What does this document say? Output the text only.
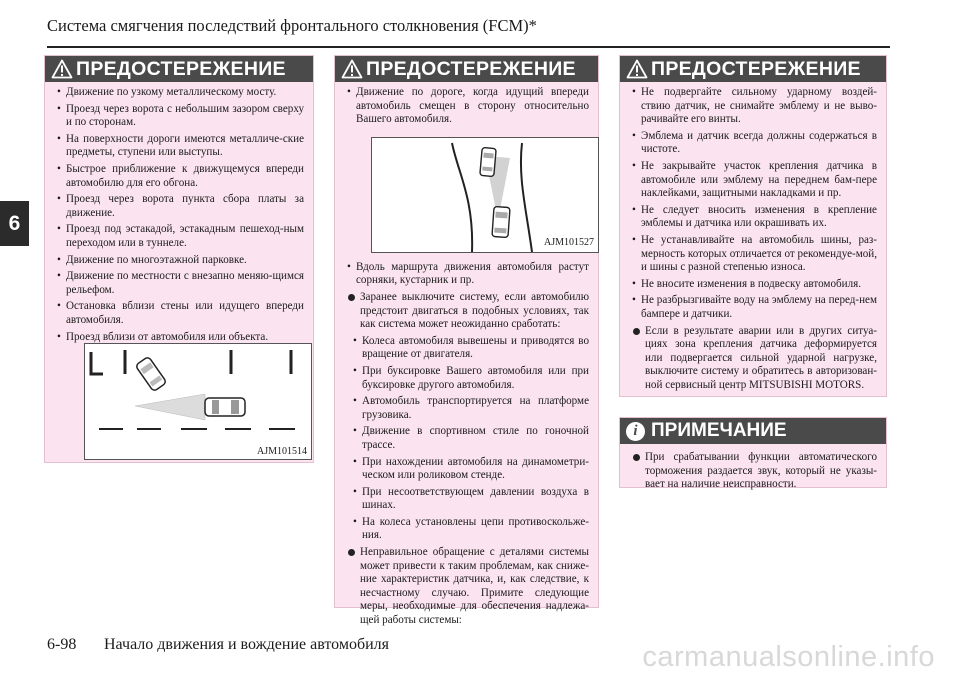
Система смягчения последствий фронтального столкновения (FCM)*
6
ПРЕДОСТЕРЕЖЕНИЕ
• Движение по узкому металлическому мосту.
• Проезд через ворота с небольшим зазором сверху и по сторонам.
• На поверхности дороги имеются металличе-ские предметы, ступени или выступы.
• Быстрое приближение к движущемуся впереди автомобилю для его обгона.
• Проезд через ворота пункта сбора платы за движение.
• Проезд под эстакадой, эстакадным пешеход-ным переходом или в туннеле.
• Движение по многоэтажной парковке.
• Движение по местности с внезапно меняю-щимся рельефом.
• Остановка вблизи стены или идущего впереди автомобиля.
• Проезд вблизи от автомобиля или объекта.
AJM101514
ПРЕДОСТЕРЕЖЕНИЕ
• Движение по дороге, когда идущий впереди автомобиль смещен в сторону относительно Вашего автомобиля.
AJM101527
• Вдоль маршрута движения автомобиля растут сорняки, кустарник и пр.
Заранее выключите систему, если автомобилю предстоит двигаться в подобных условиях, так как система может неожиданно сработать:
• Колеса автомобиля вывешены и приводятся во вращение от двигателя.
• При буксировке Вашего автомобиля или при буксировке другого автомобиля.
• Автомобиль транспортируется на платформе грузовика.
• Движение в спортивном стиле по гоночной трассе.
• При нахождении автомобиля на динамометри-ческом или роликовом стенде.
• При несоответствующем давлении воздуха в шинах.
• На колеса установлены цепи противоскольже-ния.
Неправильное обращение с деталями системы может привести к таким проблемам, как сниже-ние характеристик датчика, и, как следствие, к несчастному случаю. Примите следующие меры, необходимые для обеспечения надлежа-щей работы системы:
ПРЕДОСТЕРЕЖЕНИЕ
• Не подвергайте сильному ударному воздей-ствию датчик, не снимайте эмблему и не выво-рачивайте его винты.
• Эмблема и датчик всегда должны содержаться в чистоте.
• Не закрывайте участок крепления датчика в автомобиле или эмблему на переднем бам-пере наклейками, защитными накладками и пр.
• Не следует вносить изменения в крепление эмблемы и датчика или окрашивать их.
• Не устанавливайте на автомобиль шины, раз-мерность которых отличается от рекомендуе-мой, и шины с разной степенью износа.
• Не вносите изменения в подвеску автомобиля.
• Не разбрызгивайте воду на эмблему на перед-нем бампере и датчики.
Если в результате аварии или в других ситуа-циях зона крепления датчика деформируется или подвергается сильной ударной нагрузке, выключите систему и обратитесь в авторизован-ной сервисный центр MITSUBISHI MOTORS.
i ПРИМЕЧАНИЕ
При срабатывании функции автоматического торможения раздается звук, который не указы-вает на наличие неисправности.
6-98 Начало движения и вождение автомобиля	carmanualsonline.info
